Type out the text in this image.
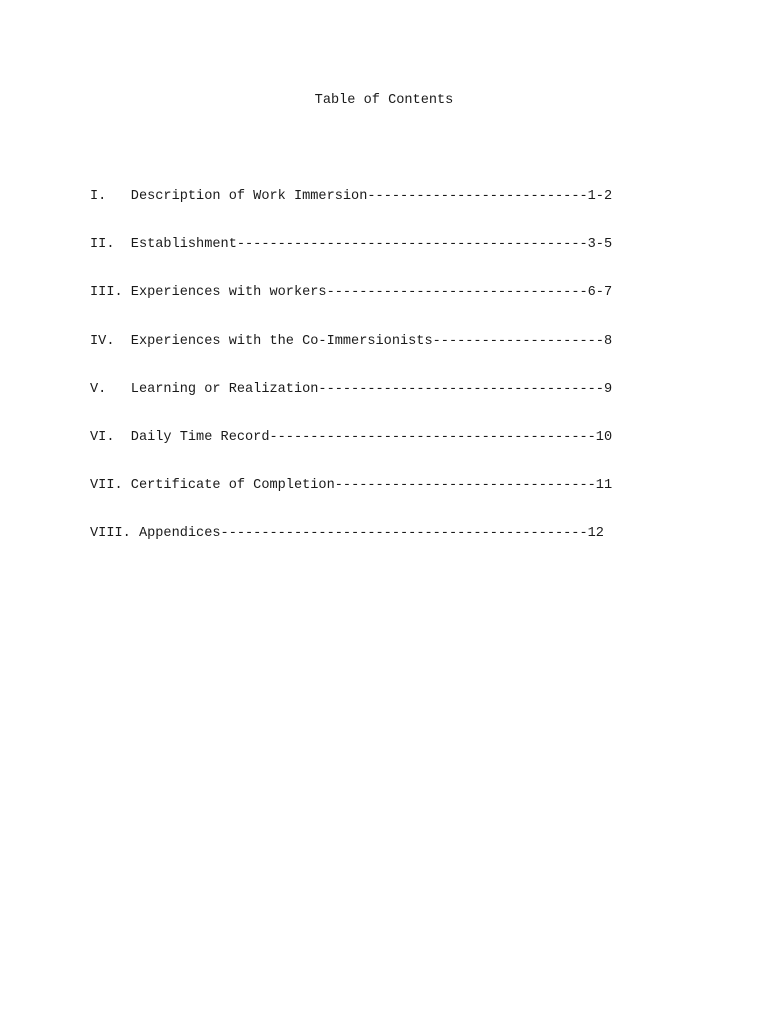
Table of Contents
I.   Description of Work Immersion---------------------------1-2
II.  Establishment-------------------------------------------3-5
III. Experiences with workers--------------------------------6-7
IV.  Experiences with the Co-Immersionists---------------------8
V.   Learning or Realization-----------------------------------9
VI.  Daily Time Record----------------------------------------10
VII. Certificate of Completion--------------------------------11
VIII. Appendices---------------------------------------------12
